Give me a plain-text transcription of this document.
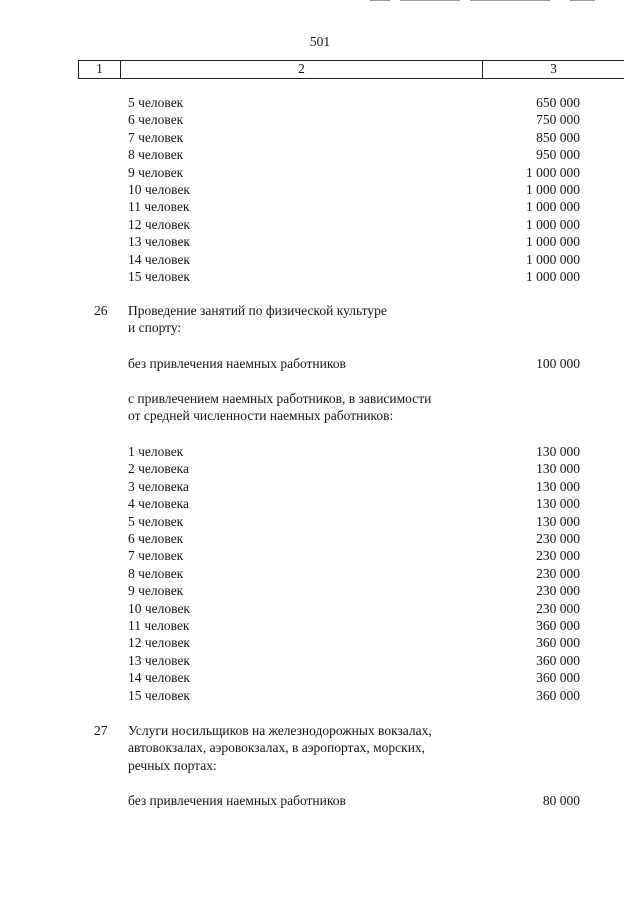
501
1	2	3
5 человек	650 000
6 человек	750 000
7 человек	850 000
8 человек	950 000
9 человек	1 000 000
10 человек	1 000 000
11 человек	1 000 000
12 человек	1 000 000
13 человек	1 000 000
14 человек	1 000 000
15 человек	1 000 000
26 Проведение занятий по физической культуре
и спорту:
без привлечения наемных работников	100 000
с привлечением наемных работников, в зависимости
от средней численности наемных работников:
1 человек	130 000
2 человека	130 000
3 человека	130 000
4 человека	130 000
5 человек	130 000
6 человек	230 000
7 человек	230 000
8 человек	230 000
9 человек	230 000
10 человек	230 000
11 человек	360 000
12 человек	360 000
13 человек	360 000
14 человек	360 000
15 человек	360 000
27 Услуги носильщиков на железнодорожных вокзалах,
автовокзалах, аэровокзалах, в аэропортах, морских,
речных портах:
без привлечения наемных работников	80 000
